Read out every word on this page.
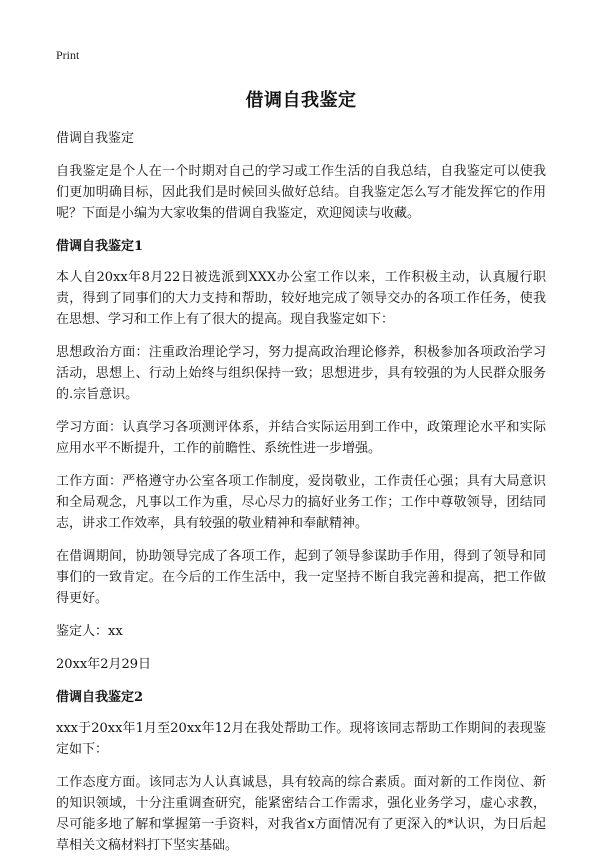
Print
借调自我鉴定
借调自我鉴定

自我鉴定是个人在一个时期对自己的学习或工作生活的自我总结，自我鉴定可以使我们更加明确目标，因此我们是时候回头做好总结。自我鉴定怎么写才能发挥它的作用呢？下面是小编为大家收集的借调自我鉴定，欢迎阅读与收藏。

借调自我鉴定1

本人自20xx年8月22日被选派到XXX办公室工作以来，工作积极主动，认真履行职责，得到了同事们的大力支持和帮助，较好地完成了领导交办的各项工作任务，使我在思想、学习和工作上有了很大的提高。现自我鉴定如下：

思想政治方面：注重政治理论学习，努力提高政治理论修养，积极参加各项政治学习活动，思想上、行动上始终与组织保持一致；思想进步，具有较强的为人民群众服务的.宗旨意识。

学习方面：认真学习各项测评体系，并结合实际运用到工作中，政策理论水平和实际应用水平不断提升，工作的前瞻性、系统性进一步增强。

工作方面：严格遵守办公室各项工作制度，爱岗敬业，工作责任心强；具有大局意识和全局观念，凡事以工作为重，尽心尽力的搞好业务工作；工作中尊敬领导，团结同志，讲求工作效率，具有较强的敬业精神和奉献精神。

在借调期间，协助领导完成了各项工作，起到了领导参谋助手作用，得到了领导和同事们的一致肯定。在今后的工作生活中，我一定坚持不断自我完善和提高，把工作做得更好。

鉴定人：xx

20xx年2月29日

借调自我鉴定2

xxx于20xx年1月至20xx年12月在我处帮助工作。现将该同志帮助工作期间的表现鉴定如下：

工作态度方面。该同志为人认真诚恳，具有较高的综合素质。面对新的工作岗位、新的知识领域，十分注重调查研究，能紧密结合工作需求，强化业务学习，虚心求教，尽可能多地了解和掌握第一手资料，对我省x方面情况有了更深入的*认识，为日后起草相关文稿材料打下坚实基础。
